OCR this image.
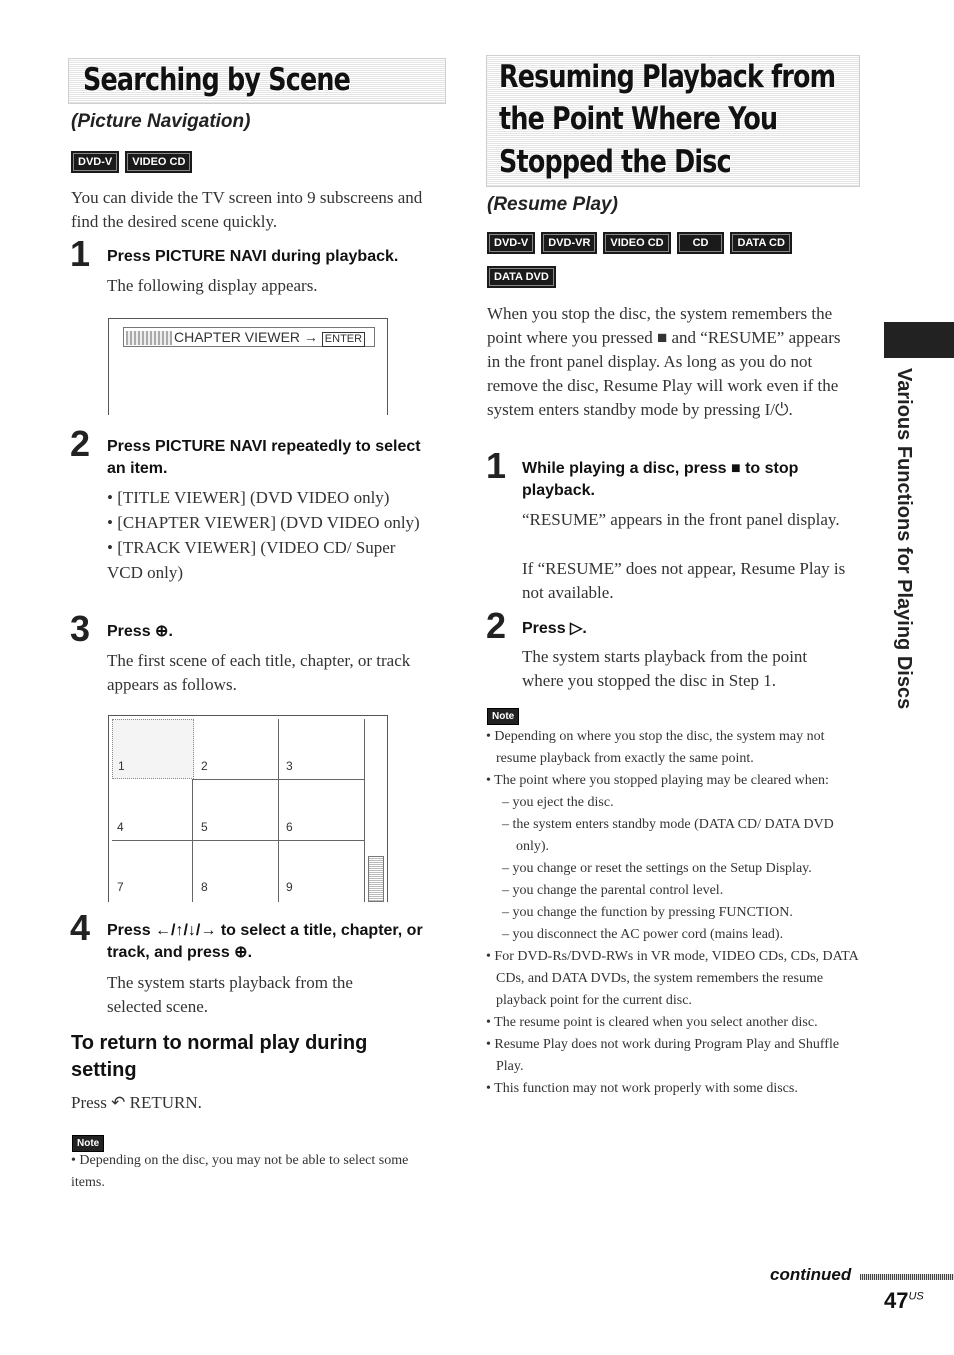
Searching by Scene
(Picture Navigation)
DVD-V VIDEO CD
You can divide the TV screen into 9 subscreens and find the desired scene quickly.
1 Press PICTURE NAVI during playback.
The following display appears.
CHAPTER VIEWER → ENTER
2 Press PICTURE NAVI repeatedly to select an item.
• [TITLE VIEWER] (DVD VIDEO only)
• [CHAPTER VIEWER] (DVD VIDEO only)
• [TRACK VIEWER] (VIDEO CD/ Super VCD only)
3 Press ⊕.
The first scene of each title, chapter, or track appears as follows.
1	2	3
4	5	6
7	8	9
4 Press ←/↑/↓/→ to select a title, chapter, or track, and press ⊕.
The system starts playback from the selected scene.
To return to normal play during setting
Press ↶ RETURN.
Note
• Depending on the disc, you may not be able to select some items.
Resuming Playback from
the Point Where You
Stopped the Disc
(Resume Play)
DVD-V DVD-VR VIDEO CD	CD	DATA CD
DATA DVD
When you stop the disc, the system remembers the point where you pressed ■ and “RESUME” appears in the front panel display. As long as you do not remove the disc, Resume Play will work even if the system enters standby mode by pressing I/⏻.
1 While playing a disc, press ■ to stop playback.
“RESUME” appears in the front panel display.
If “RESUME” does not appear, Resume Play is not available.
2 Press ▷.
The system starts playback from the point where you stopped the disc in Step 1.
Note
• Depending on where you stop the disc, the system may not resume playback from exactly the same point.
• The point where you stopped playing may be cleared when:
– you eject the disc.
– the system enters standby mode (DATA CD/ DATA DVD only).
– you change or reset the settings on the Setup Display.
– you change the parental control level.
– you change the function by pressing FUNCTION.
– you disconnect the AC power cord (mains lead).
• For DVD-Rs/DVD-RWs in VR mode, VIDEO CDs, CDs, DATA CDs, and DATA DVDs, the system remembers the resume playback point for the current disc.
• The resume point is cleared when you select another disc.
• Resume Play does not work during Program Play and Shuffle Play.
• This function may not work properly with some discs.
Various Functions for Playing Discs
continued
$47^{US}$
